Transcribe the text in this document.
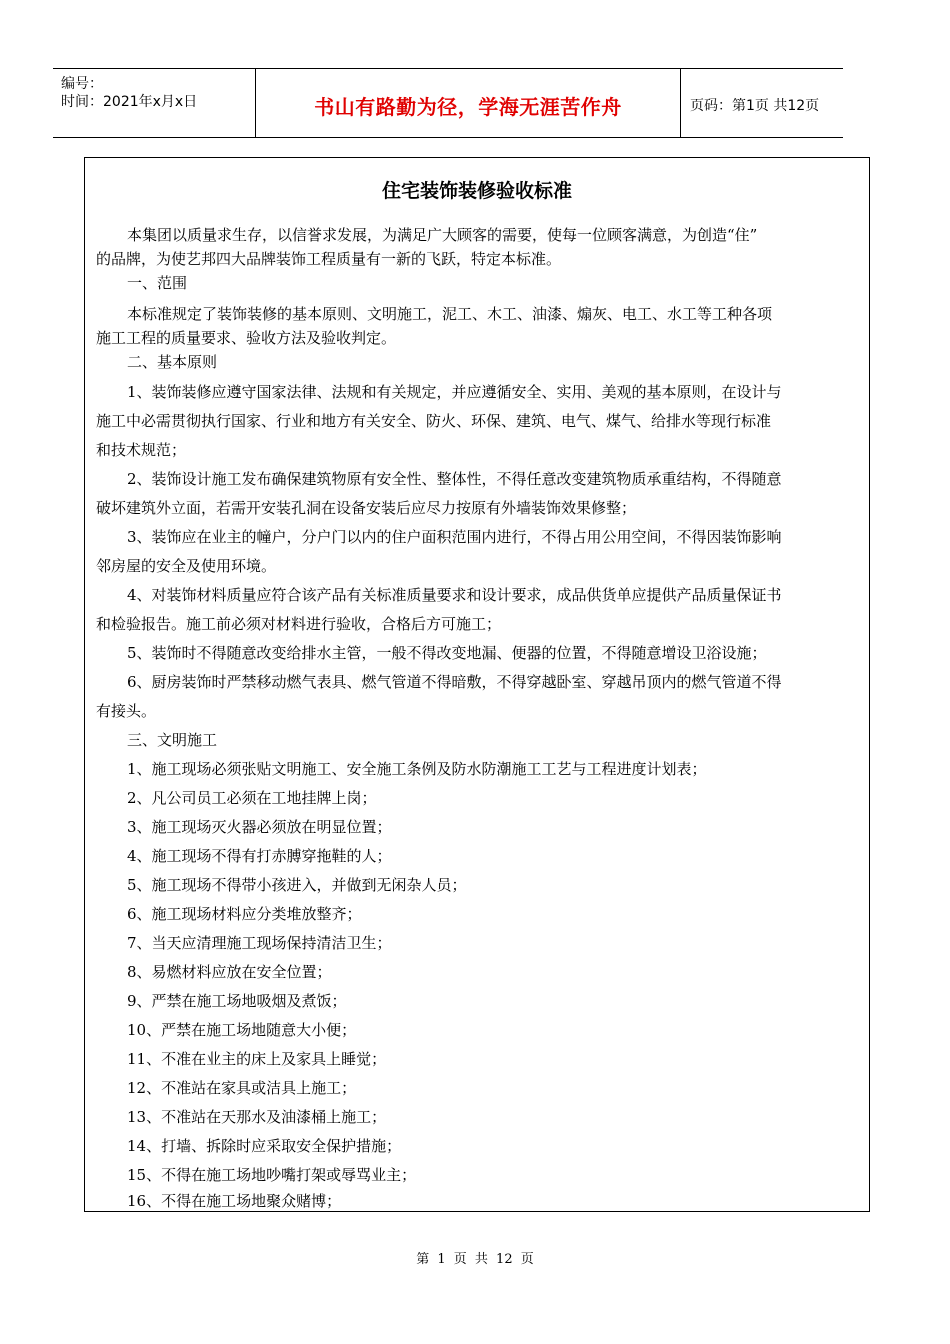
编号：
时间：2021年x月x日	书山有路勤为径，学海无涯苦作舟	页码：第1页 共12页
住宅装饰装修验收标准
本集团以质量求生存，以信誉求发展，为满足广大顾客的需要，使每一位顾客满意，为创造“住”
的品牌，为使艺邦四大品牌装饰工程质量有一新的飞跃，特定本标准。
一、范围
本标准规定了装饰装修的基本原则、文明施工，泥工、木工、油漆、煽灰、电工、水工等工种各项
施工工程的质量要求、验收方法及验收判定。
二、基本原则
1、装饰装修应遵守国家法律、法规和有关规定，并应遵循安全、实用、美观的基本原则，在设计与
施工中必需贯彻执行国家、行业和地方有关安全、防火、环保、建筑、电气、煤气、给排水等现行标准
和技术规范；
2、装饰设计施工发布确保建筑物原有安全性、整体性，不得任意改变建筑物质承重结构，不得随意
破坏建筑外立面，若需开安装孔洞在设备安装后应尽力按原有外墙装饰效果修整；
3、装饰应在业主的幢户，分户门以内的住户面积范围内进行，不得占用公用空间，不得因装饰影响
邻房屋的安全及使用环境。
4、对装饰材料质量应符合该产品有关标准质量要求和设计要求，成品供货单应提供产品质量保证书
和检验报告。施工前必须对材料进行验收，合格后方可施工；
5、装饰时不得随意改变给排水主管，一般不得改变地漏、便器的位置，不得随意增设卫浴设施；
6、厨房装饰时严禁移动燃气表具、燃气管道不得暗敷，不得穿越卧室、穿越吊顶内的燃气管道不得
有接头。
三、文明施工
1、施工现场必须张贴文明施工、安全施工条例及防水防潮施工工艺与工程进度计划表；
2、凡公司员工必须在工地挂牌上岗；
3、施工现场灭火器必须放在明显位置；
4、施工现场不得有打赤膊穿拖鞋的人；
5、施工现场不得带小孩进入，并做到无闲杂人员；
6、施工现场材料应分类堆放整齐；
7、当天应清理施工现场保持清洁卫生；
8、易燃材料应放在安全位置；
9、严禁在施工场地吸烟及煮饭；
10、严禁在施工场地随意大小便；
11、不准在业主的床上及家具上睡觉；
12、不准站在家具或洁具上施工；
13、不准站在天那水及油漆桶上施工；
14、打墙、拆除时应采取安全保护措施；
15、不得在施工场地吵嘴打架或辱骂业主；
16、不得在施工场地聚众赌博；
第 1 页 共 12 页
